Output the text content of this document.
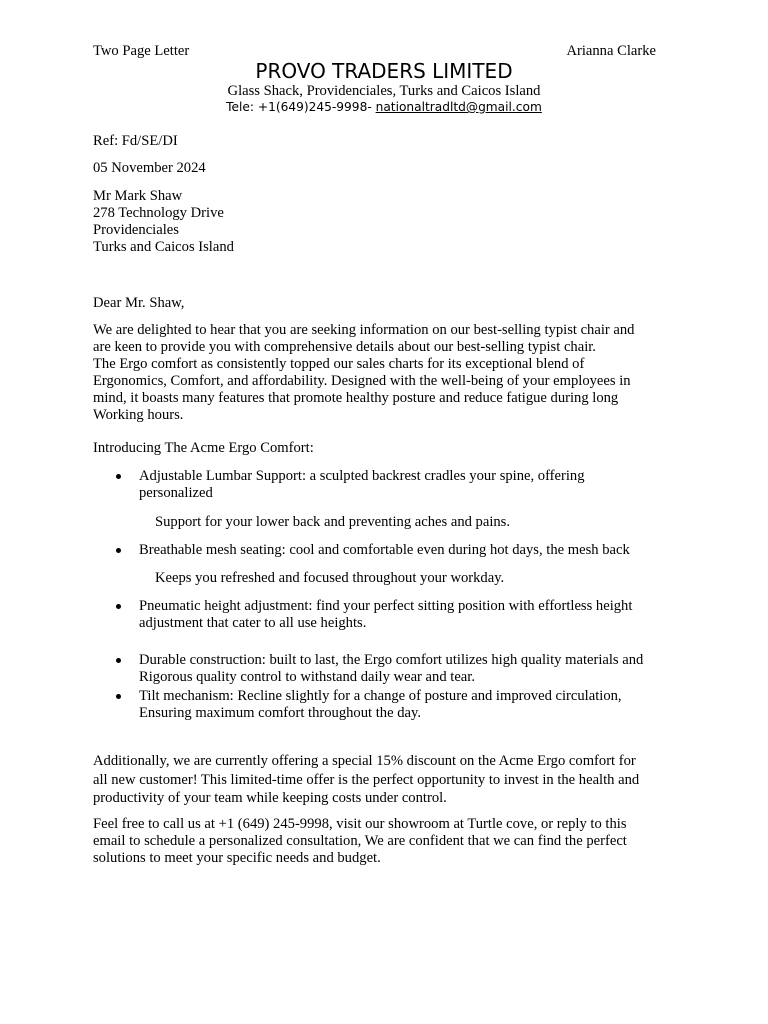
Two Page Letter	Arianna Clarke
PROVO TRADERS LIMITED
Glass Shack, Providenciales, Turks and Caicos Island
Tele: +1(649)245-9998- nationaltradltd@gmail.com
Ref: Fd/SE/DI
05 November 2024
Mr Mark Shaw
278 Technology Drive
Providenciales
Turks and Caicos Island
Dear Mr. Shaw,
We are delighted to hear that you are seeking information on our best-selling typist chair and
are keen to provide you with comprehensive details about our best-selling typist chair.
The Ergo comfort as consistently topped our sales charts for its exceptional blend of
Ergonomics, Comfort, and affordability. Designed with the well-being of your employees in
mind, it boasts many features that promote healthy posture and reduce fatigue during long
Working hours.
Introducing The Acme Ergo Comfort:
Adjustable Lumbar Support: a sculpted backrest cradles your spine, offering
personalized
Support for your lower back and preventing aches and pains.
Breathable mesh seating: cool and comfortable even during hot days, the mesh back
Keeps you refreshed and focused throughout your workday.
Pneumatic height adjustment: find your perfect sitting position with effortless height
adjustment that cater to all use heights.
Durable construction: built to last, the Ergo comfort utilizes high quality materials and
Rigorous quality control to withstand daily wear and tear.
Tilt mechanism: Recline slightly for a change of posture and improved circulation,
Ensuring maximum comfort throughout the day.
Additionally, we are currently offering a special 15% discount on the Acme Ergo comfort for
all new customer! This limited-time offer is the perfect opportunity to invest in the health and
productivity of your team while keeping costs under control.
Feel free to call us at +1 (649) 245-9998, visit our showroom at Turtle cove, or reply to this
email to schedule a personalized consultation, We are confident that we can find the perfect
solutions to meet your specific needs and budget.
